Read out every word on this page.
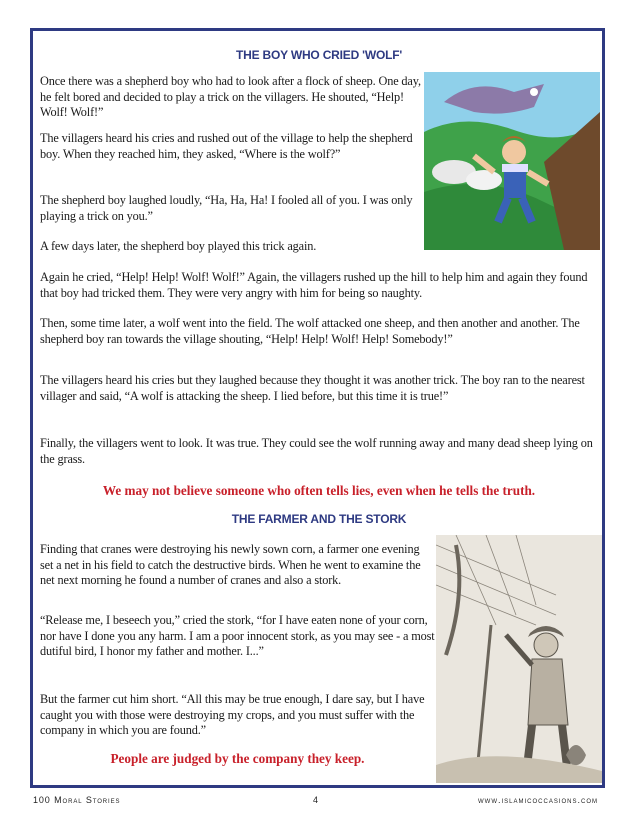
THE BOY WHO CRIED 'WOLF'

Once there was a shepherd boy who had to look after a flock of sheep. One day, he felt bored and decided to play a trick on the villagers. He shouted, “Help! Wolf! Wolf!”

The villagers heard his cries and rushed out of the village to help the shepherd boy. When they reached him, they asked, “Where is the wolf?”

The shepherd boy laughed loudly, “Ha, Ha, Ha! I fooled all of you. I was only playing a trick on you.”

A few days later, the shepherd boy played this trick again.

Again he cried, “Help! Help! Wolf! Wolf!” Again, the villagers rushed up the hill to help him and again they found that boy had tricked them. They were very angry with him for being so naughty.

Then, some time later, a wolf went into the field. The wolf attacked one sheep, and then another and another. The shepherd boy ran towards the village shouting, “Help! Help! Wolf! Help! Somebody!”

The villagers heard his cries but they laughed because they thought it was another trick. The boy ran to the nearest villager and said, “A wolf is attacking the sheep. I lied before, but this time it is true!”

Finally, the villagers went to look. It was true. They could see the wolf running away and many dead sheep lying on the grass.

We may not believe someone who often tells lies, even when he tells the truth.

THE FARMER AND THE STORK

Finding that cranes were destroying his newly sown corn, a farmer one evening set a net in his field to catch the destructive birds. When he went to examine the net next morning he found a number of cranes and also a stork.

“Release me, I beseech you,” cried the stork, “for I have eaten none of your corn, nor have I done you any harm. I am a poor innocent stork, as you may see - a most dutiful bird, I honor my father and mother. I...”

But the farmer cut him short. “All this may be true enough, I dare say, but I have caught you with those were destroying my crops, and you must suffer with the company in which you are found.”

People are judged by the company they keep.

100 Moral Stories	4	www.islamicoccasions.com
